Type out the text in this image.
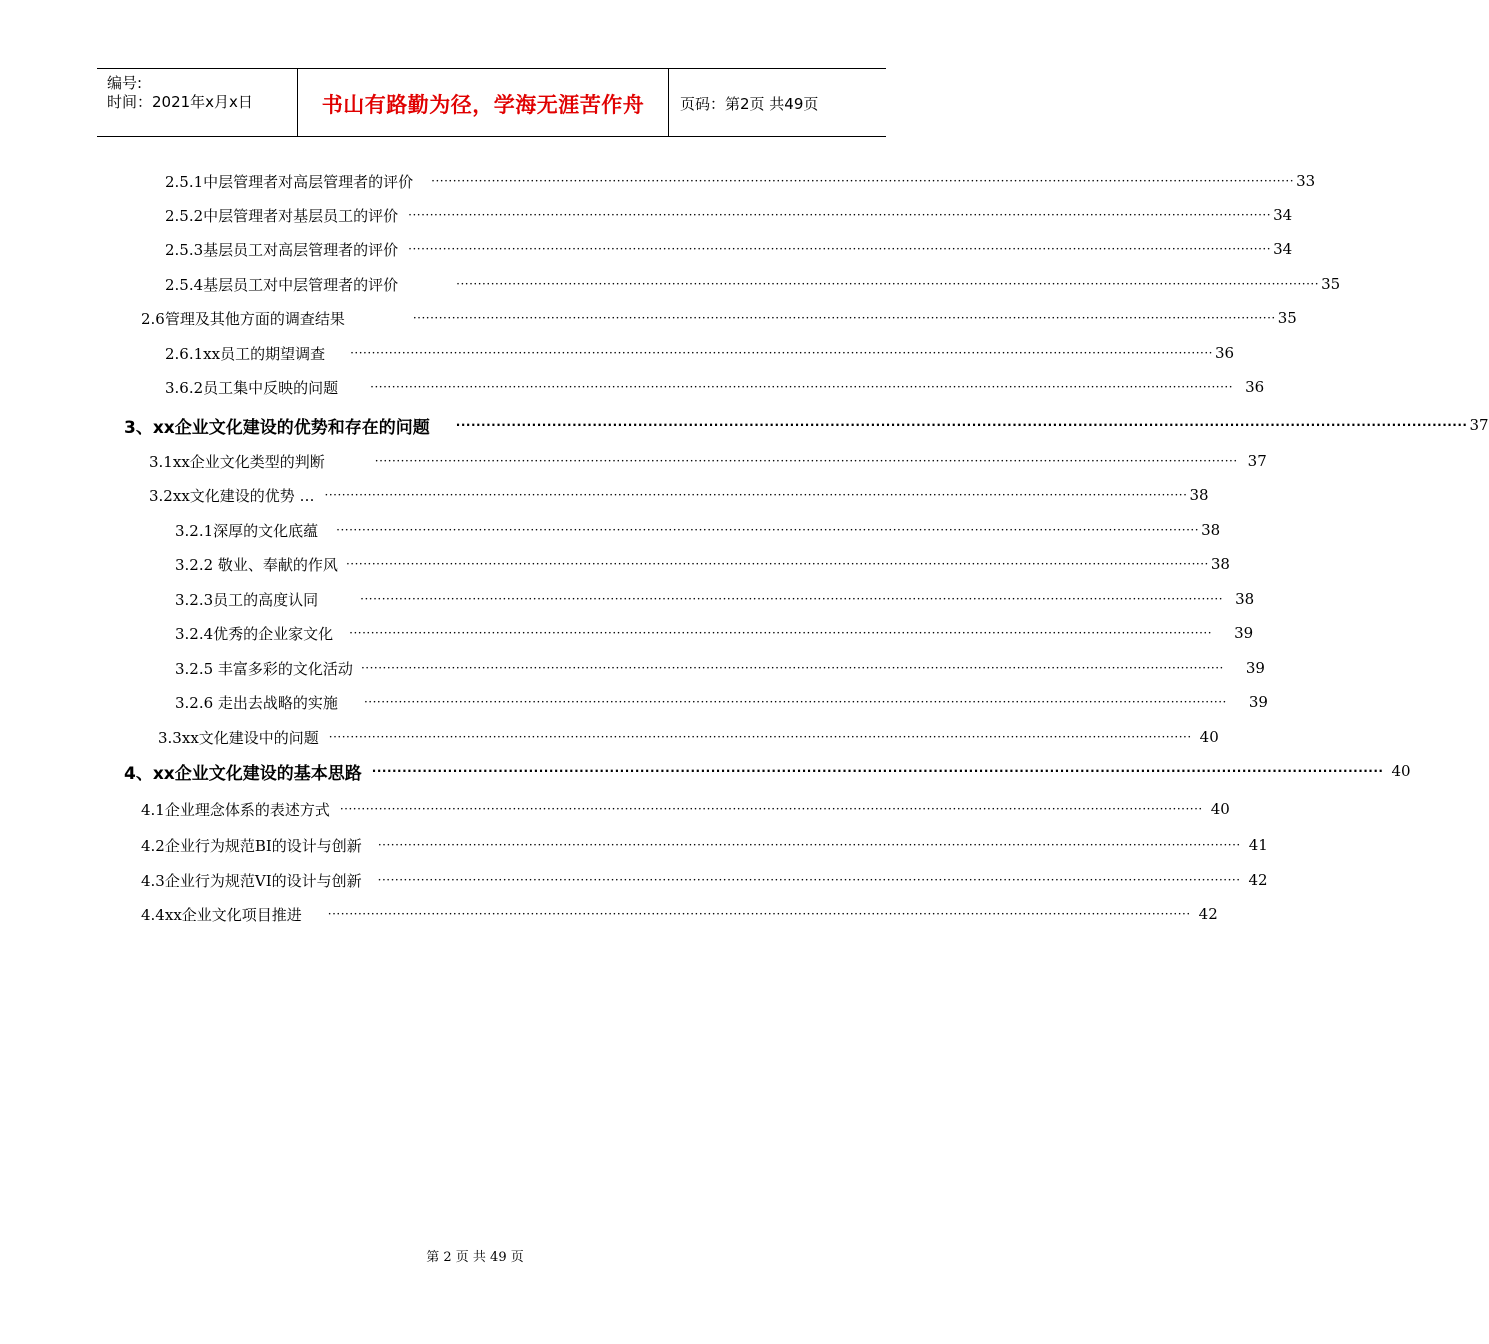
编号:
时间：2021年x月x日	书山有路勤为径，学海无涯苦作舟	页码：第2页 共49页
2.5.1中层管理者对高层管理者的评价 ········································································································································································································ 33
2.5.2中层管理者对基层员工的评价 ········································································································································································································ 34
2.5.3基层员工对高层管理者的评价 ········································································································································································································ 34
2.5.4基层员工对中层管理者的评价	········································································································································································································ 35
2.6管理及其他方面的调查结果	········································································································································································································ 35
2.6.1xx员工的期望调查 ········································································································································································································ 36
3.6.2员工集中反映的问题	········································································································································································································ 36
3、xx企业文化建设的优势和存在的问题 ········································································································································································································ 37
3.1xx企业文化类型的判断	········································································································································································································ 37
3.2xx文化建设的优势 … ········································································································································································································ 38
3.2.1深厚的文化底蕴 ········································································································································································································ 38
3.2.2 敬业、奉献的作风 ········································································································································································································ 38
3.2.3员工的高度认同	········································································································································································································ 38
3.2.4优秀的企业家文化 ········································································································································································································ 39
3.2.5 丰富多彩的文化活动 ········································································································································································································ 39
3.2.6 走出去战略的实施 ········································································································································································································ 39
3.3xx文化建设中的问题 ········································································································································································································ 40
4、xx企业文化建设的基本思路 ········································································································································································································ 40
4.1企业理念体系的表述方式 ········································································································································································································ 40
4.2企业行为规范BI的设计与创新 ········································································································································································································ 41
4.3企业行为规范VI的设计与创新 ········································································································································································································ 42
4.4xx企业文化项目推进 ········································································································································································································ 42
第 2 页 共 49 页
